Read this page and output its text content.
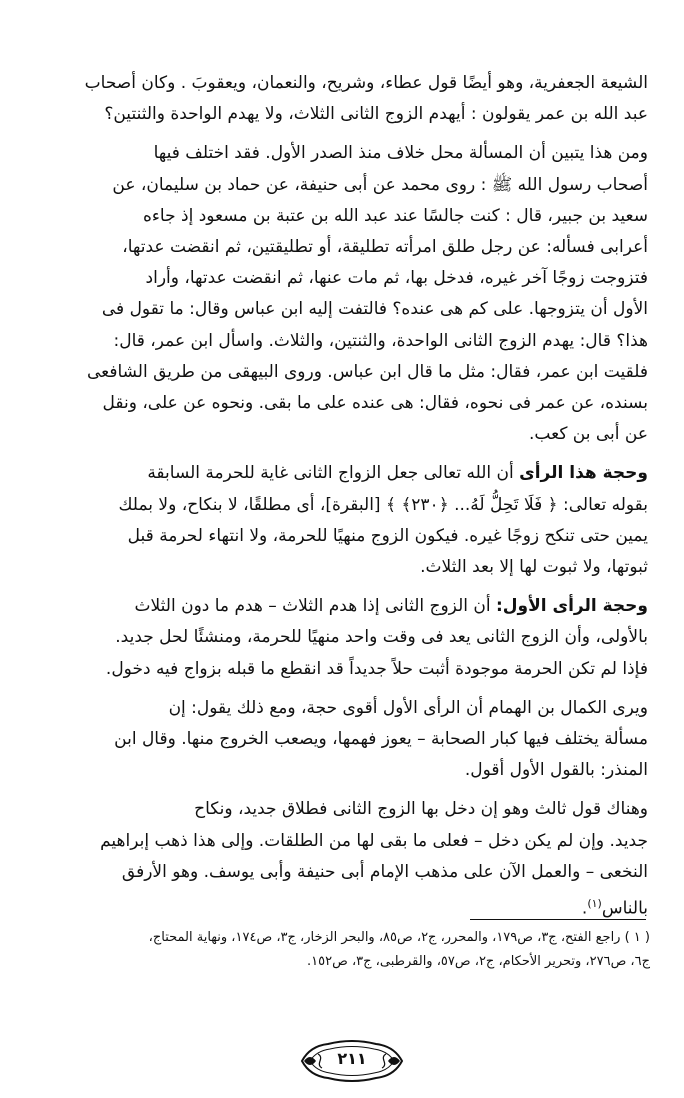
الشيعة الجعفرية، وهو أيضًا قول عطاء، وشريح، والنعمان، ويعقوبَ . وكان أصحاب

عبد الله بن عمر يقولون : أيهدم الزوج الثانى الثلاث، ولا يهدم الواحدة والثنتين؟

ومن هذا يتبين أن المسألة محل خلاف منذ الصدر الأول. فقد اختلف فيها

أصحاب رسول الله ﷺ : روى محمد عن أبى حنيفة، عن حماد بن سليمان، عن

سعيد بن جبير، قال : كنت جالسًا عند عبد الله بن عتبة بن مسعود إذ جاءه

أعرابى فسأله: عن رجل طلق امرأته تطليقة، أو تطليقتين، ثم انقضت عدتها،

فتزوجت زوجًا آخر غيره، فدخل بها، ثم مات عنها، ثم انقضت عدتها، وأراد

الأول أن يتزوجها. على كم هى عنده؟ فالتفت إليه ابن عباس وقال: ما تقول فى

هذا؟ قال: يهدم الزوج الثانى الواحدة، والثنتين، والثلاث. واسأل ابن عمر، قال:

فلقيت ابن عمر، فقال: مثل ما قال ابن عباس. وروى البيهقى من طريق الشافعى

بسنده، عن عمر فى نحوه، فقال: هى عنده على ما بقى. ونحوه عن على، ونقل

عن أبى بن كعب.

وحجة هذا الرأى أن الله تعالى جعل الزواج الثانى غاية للحرمة السابقة

بقوله تعالى: ﴿ فَلَا تَحِلُّ لَهُ... ﴿٢٣٠﴾ ﴾ [البقرة]، أى مطلقًا، لا بنكاح، ولا بملك

يمين حتى تنكح زوجًا غيره. فيكون الزوج منهيًا للحرمة، ولا انتهاء لحرمة قبل

ثبوتها، ولا ثبوت لها إلا بعد الثلاث.

وحجة الرأى الأول: أن الزوج الثانى إذا هدم الثلاث – هدم ما دون الثلاث

بالأولى، وأن الزوج الثانى يعد فى وقت واحد منهيًا للحرمة، ومنشئًا لحل جديد.

فإذا لم تكن الحرمة موجودة أثبت حلاً جديداً قد انقطع ما قبله بزواج فيه دخول.

ويرى الكمال بن الهمام أن الرأى الأول أقوى حجة، ومع ذلك يقول: إن

مسألة يختلف فيها كبار الصحابة – يعوز فهمها، ويصعب الخروج منها. وقال ابن

المنذر: بالقول الأول أقول.

وهناك قول ثالث وهو إن دخل بها الزوج الثانى فطلاق جديد، ونكاح

جديد. وإن لم يكن دخل – فعلى ما بقى لها من الطلقات. وإلى هذا ذهب إبراهيم

النخعى – والعمل الآن على مذهب الإمام أبى حنيفة وأبى يوسف. وهو الأرفق

بالناس$^{(١)}$.

( ١ ) راجع الفتح، ج٣، ص١٧٩، والمحرر، ج٢، ص٨٥، والبحر الزخار، ج٣، ص١٧٤، ونهاية المحتاج،

ج٦، ص٢٧٦، وتحرير الأحكام، ج٢، ص٥٧، والقرطبى، ج٣، ص١٥٢.

٢١١
